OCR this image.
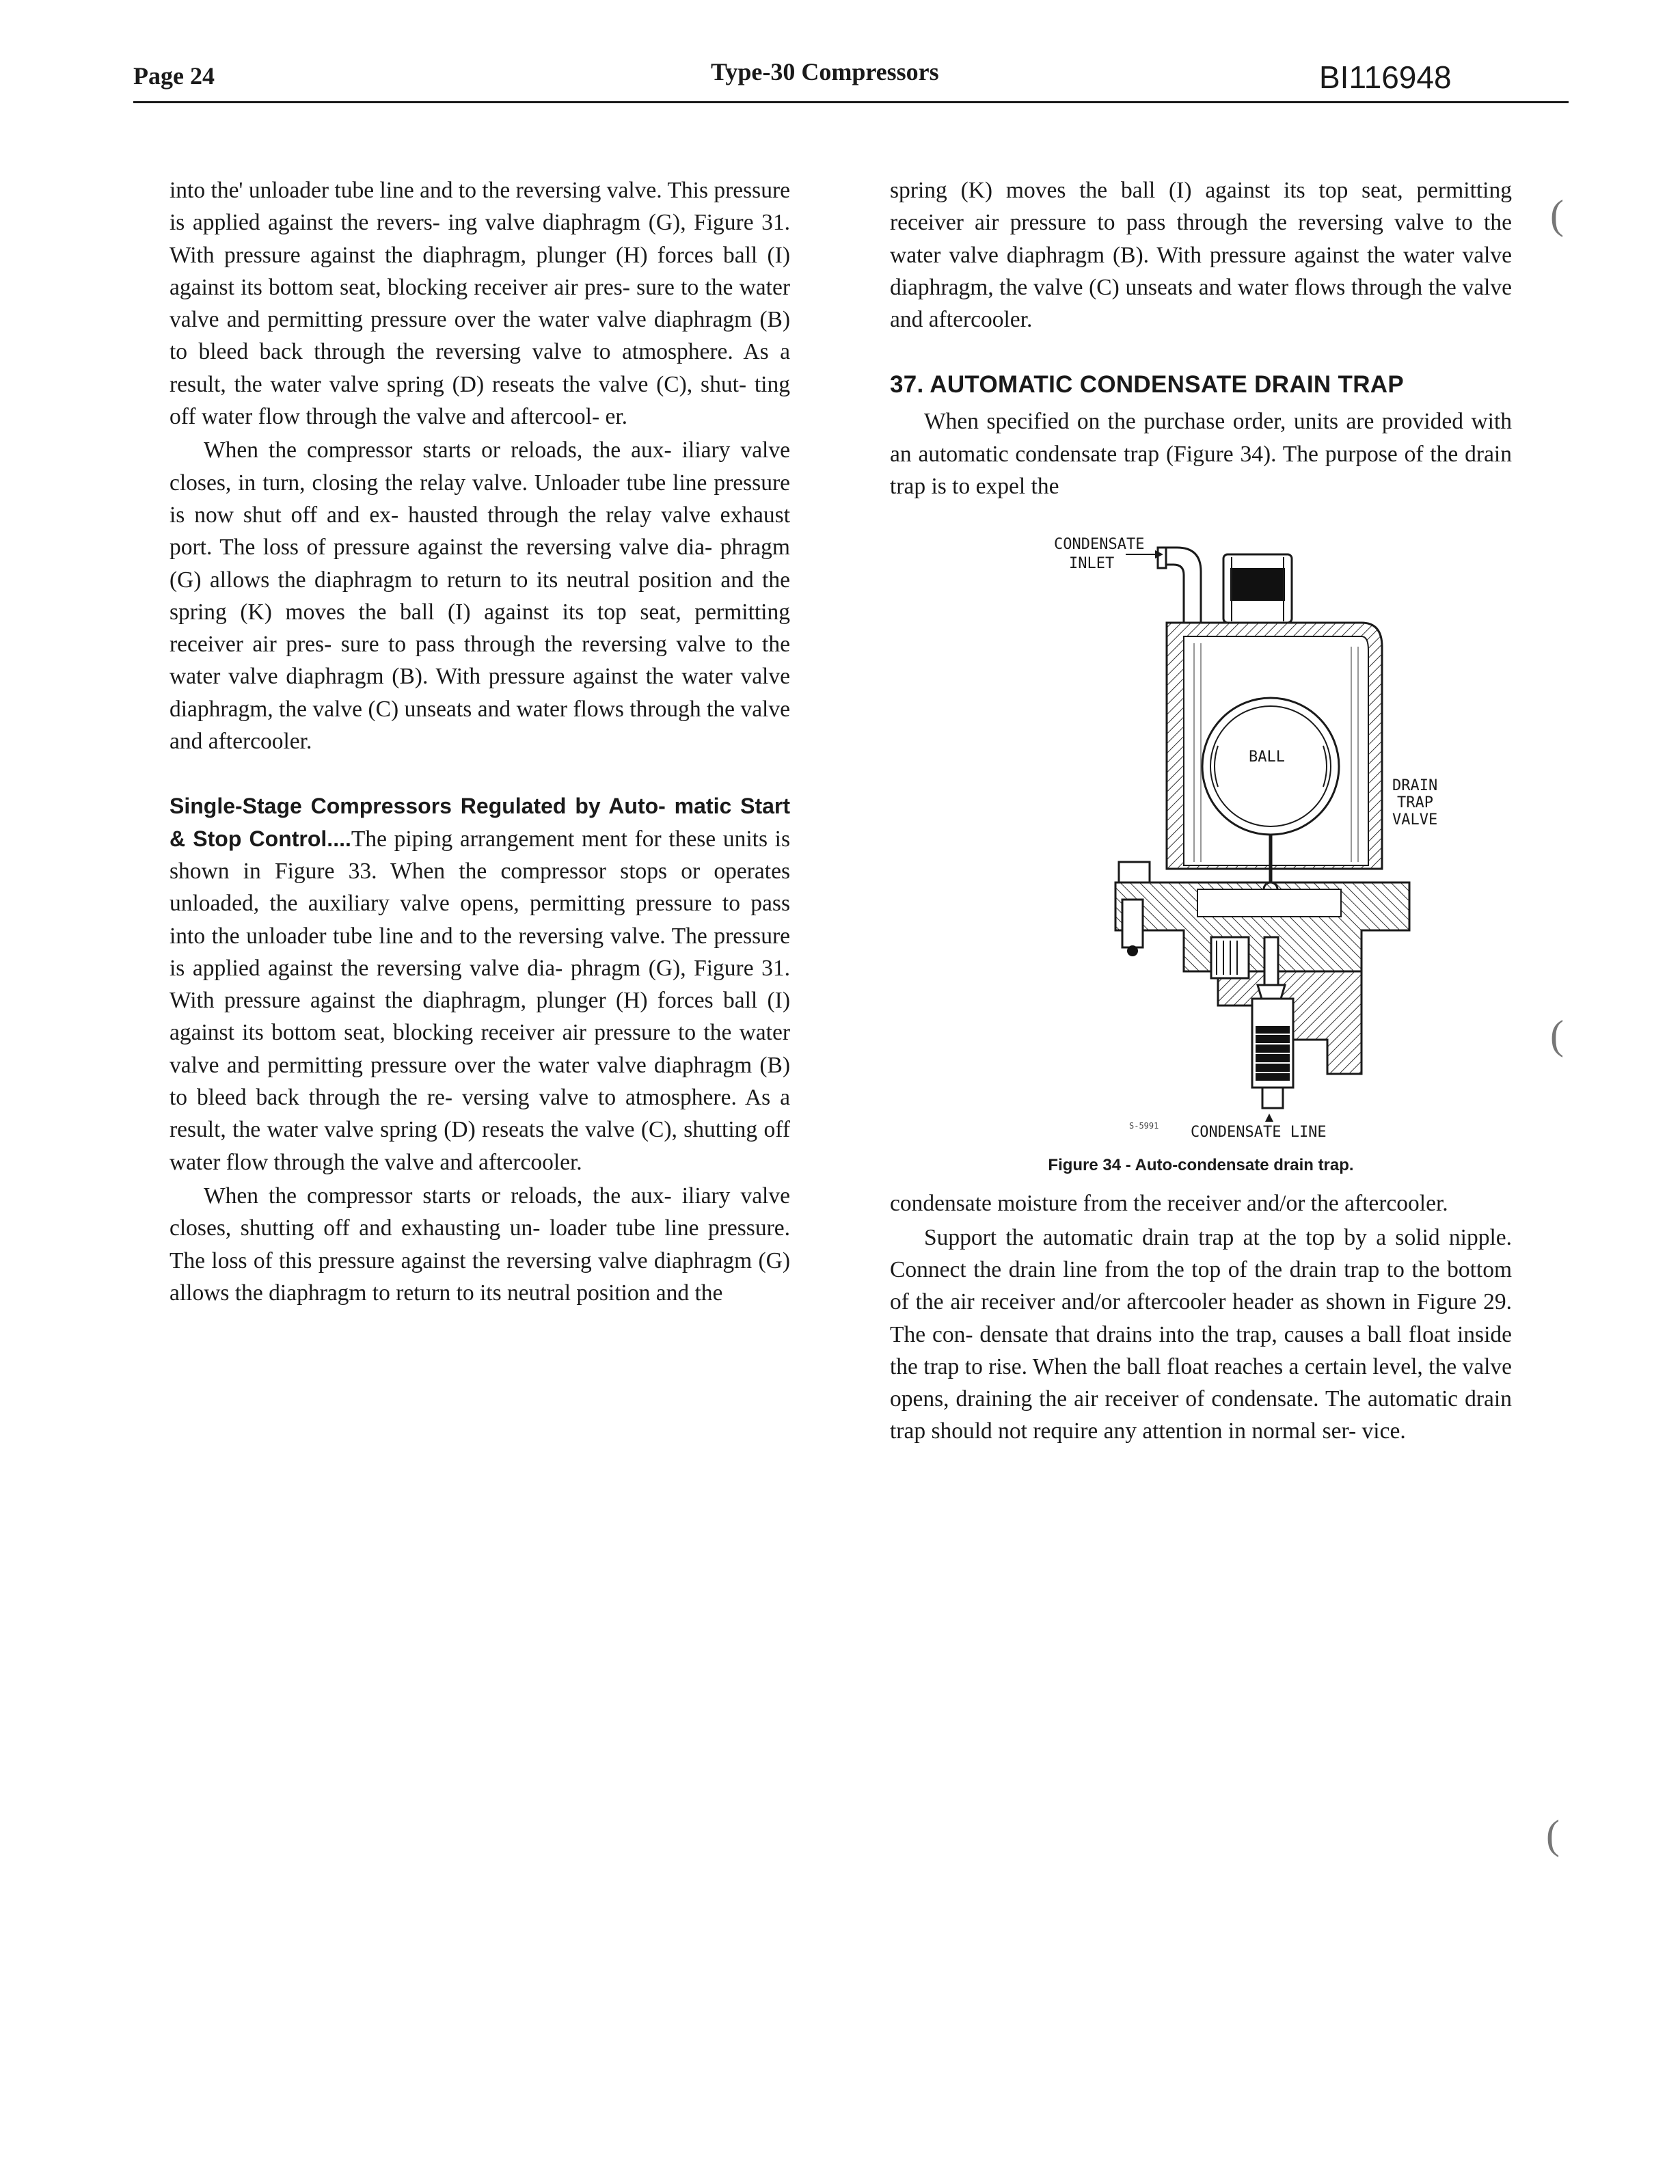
Page 24	Type-30 Compressors	BI116948

into the' unloader tube line and to the reversing valve. This pressure is applied against the revers- ing valve diaphragm (G), Figure 31. With pressure against the diaphragm, plunger (H) forces ball (I) against its bottom seat, blocking receiver air pres- sure to the water valve and permitting pressure over the water valve diaphragm (B) to bleed back through the reversing valve to atmosphere. As a result, the water valve spring (D) reseats the valve (C), shut- ting off water flow through the valve and aftercool- er.

When the compressor starts or reloads, the aux- iliary valve closes, in turn, closing the relay valve. Unloader tube line pressure is now shut off and ex- hausted through the relay valve exhaust port. The loss of pressure against the reversing valve dia- phragm (G) allows the diaphragm to return to its neutral position and the spring (K) moves the ball (I) against its top seat, permitting receiver air pres- sure to pass through the reversing valve to the water valve diaphragm (B). With pressure against the water valve diaphragm, the valve (C) unseats and water flows through the valve and aftercooler.

Single-Stage Compressors Regulated by Auto- matic Start & Stop Control....The piping arrangement ment for these units is shown in Figure 33. When the compressor stops or operates unloaded, the auxiliary valve opens, permitting pressure to pass into the unloader tube line and to the reversing valve. The pressure is applied against the reversing valve dia- phragm (G), Figure 31. With pressure against the diaphragm, plunger (H) forces ball (I) against its bottom seat, blocking receiver air pressure to the water valve and permitting pressure over the water valve diaphragm (B) to bleed back through the re- versing valve to atmosphere. As a result, the water valve spring (D) reseats the valve (C), shutting off water flow through the valve and aftercooler.

When the compressor starts or reloads, the aux- iliary valve closes, shutting off and exhausting un- loader tube line pressure. The loss of this pressure against the reversing valve diaphragm (G) allows the diaphragm to return to its neutral position and the

spring (K) moves the ball (I) against its top seat, permitting receiver air pressure to pass through the reversing valve to the water valve diaphragm (B). With pressure against the water valve diaphragm, the valve (C) unseats and water flows through the valve and aftercooler.

37. AUTOMATIC CONDENSATE DRAIN TRAP

When specified on the purchase order, units are provided with an automatic condensate trap (Figure 34). The purpose of the drain trap is to expel the

BALL
CONDENSATE
INLET
DRAIN
TRAP
VALVE
CONDENSATE LINE
S-5991
Figure 34 - Auto-condensate drain trap.

condensate moisture from the receiver and/or the aftercooler.

Support the automatic drain trap at the top by a solid nipple. Connect the drain line from the top of the drain trap to the bottom of the air receiver and/or aftercooler header as shown in Figure 29. The con- densate that drains into the trap, causes a ball float inside the trap to rise. When the ball float reaches a certain level, the valve opens, draining the air receiver of condensate. The automatic drain trap should not require any attention in normal ser- vice.

(
(
(
